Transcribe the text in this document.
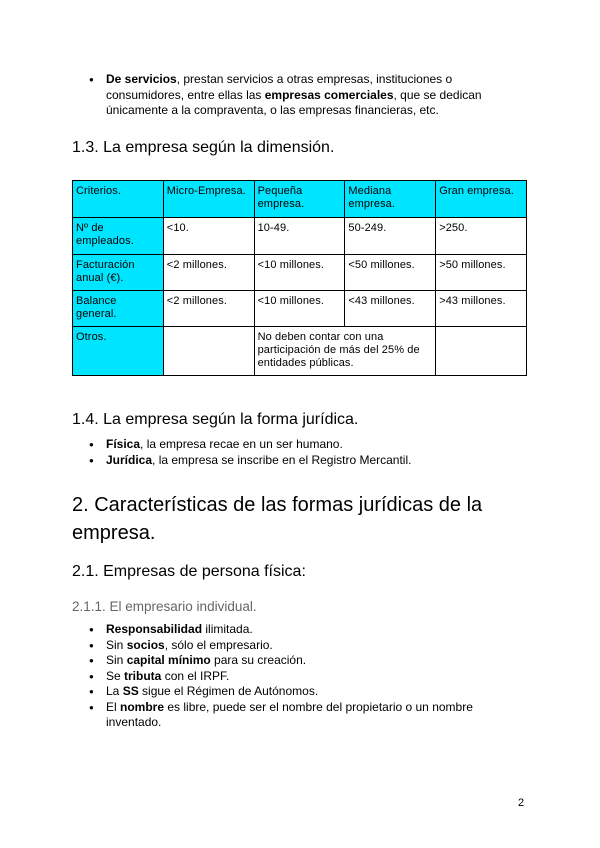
● De servicios, prestan servicios a otras empresas, instituciones o consumidores, entre ellas las empresas comerciales, que se dedican únicamente a la compraventa, o las empresas financieras, etc.
1.3. La empresa según la dimensión.
Criterios.	Micro-Empresa.	Pequeña empresa.	Mediana empresa.	Gran empresa.
Nº de empleados.	<10.	10-49.	50-249.	>250.
Facturación anual (€).	<2 millones.	<10 millones.	<50 millones.	>50 millones.
Balance general.	<2 millones.	<10 millones.	<43 millones.	>43 millones.
Otros.		No deben contar con una participación de más del 25% de entidades públicas.		
1.4. La empresa según la forma jurídica.
● Física, la empresa recae en un ser humano.
● Jurídica, la empresa se inscribe en el Registro Mercantil.
2. Características de las formas jurídicas de la empresa.
2.1. Empresas de persona física:
2.1.1. El empresario individual.
● Responsabilidad ilimitada.
● Sin socios, sólo el empresario.
● Sin capital mínimo para su creación.
● Se tributa con el IRPF.
● La SS sigue el Régimen de Autónomos.
● El nombre es libre, puede ser el nombre del propietario o un nombre inventado.
2
